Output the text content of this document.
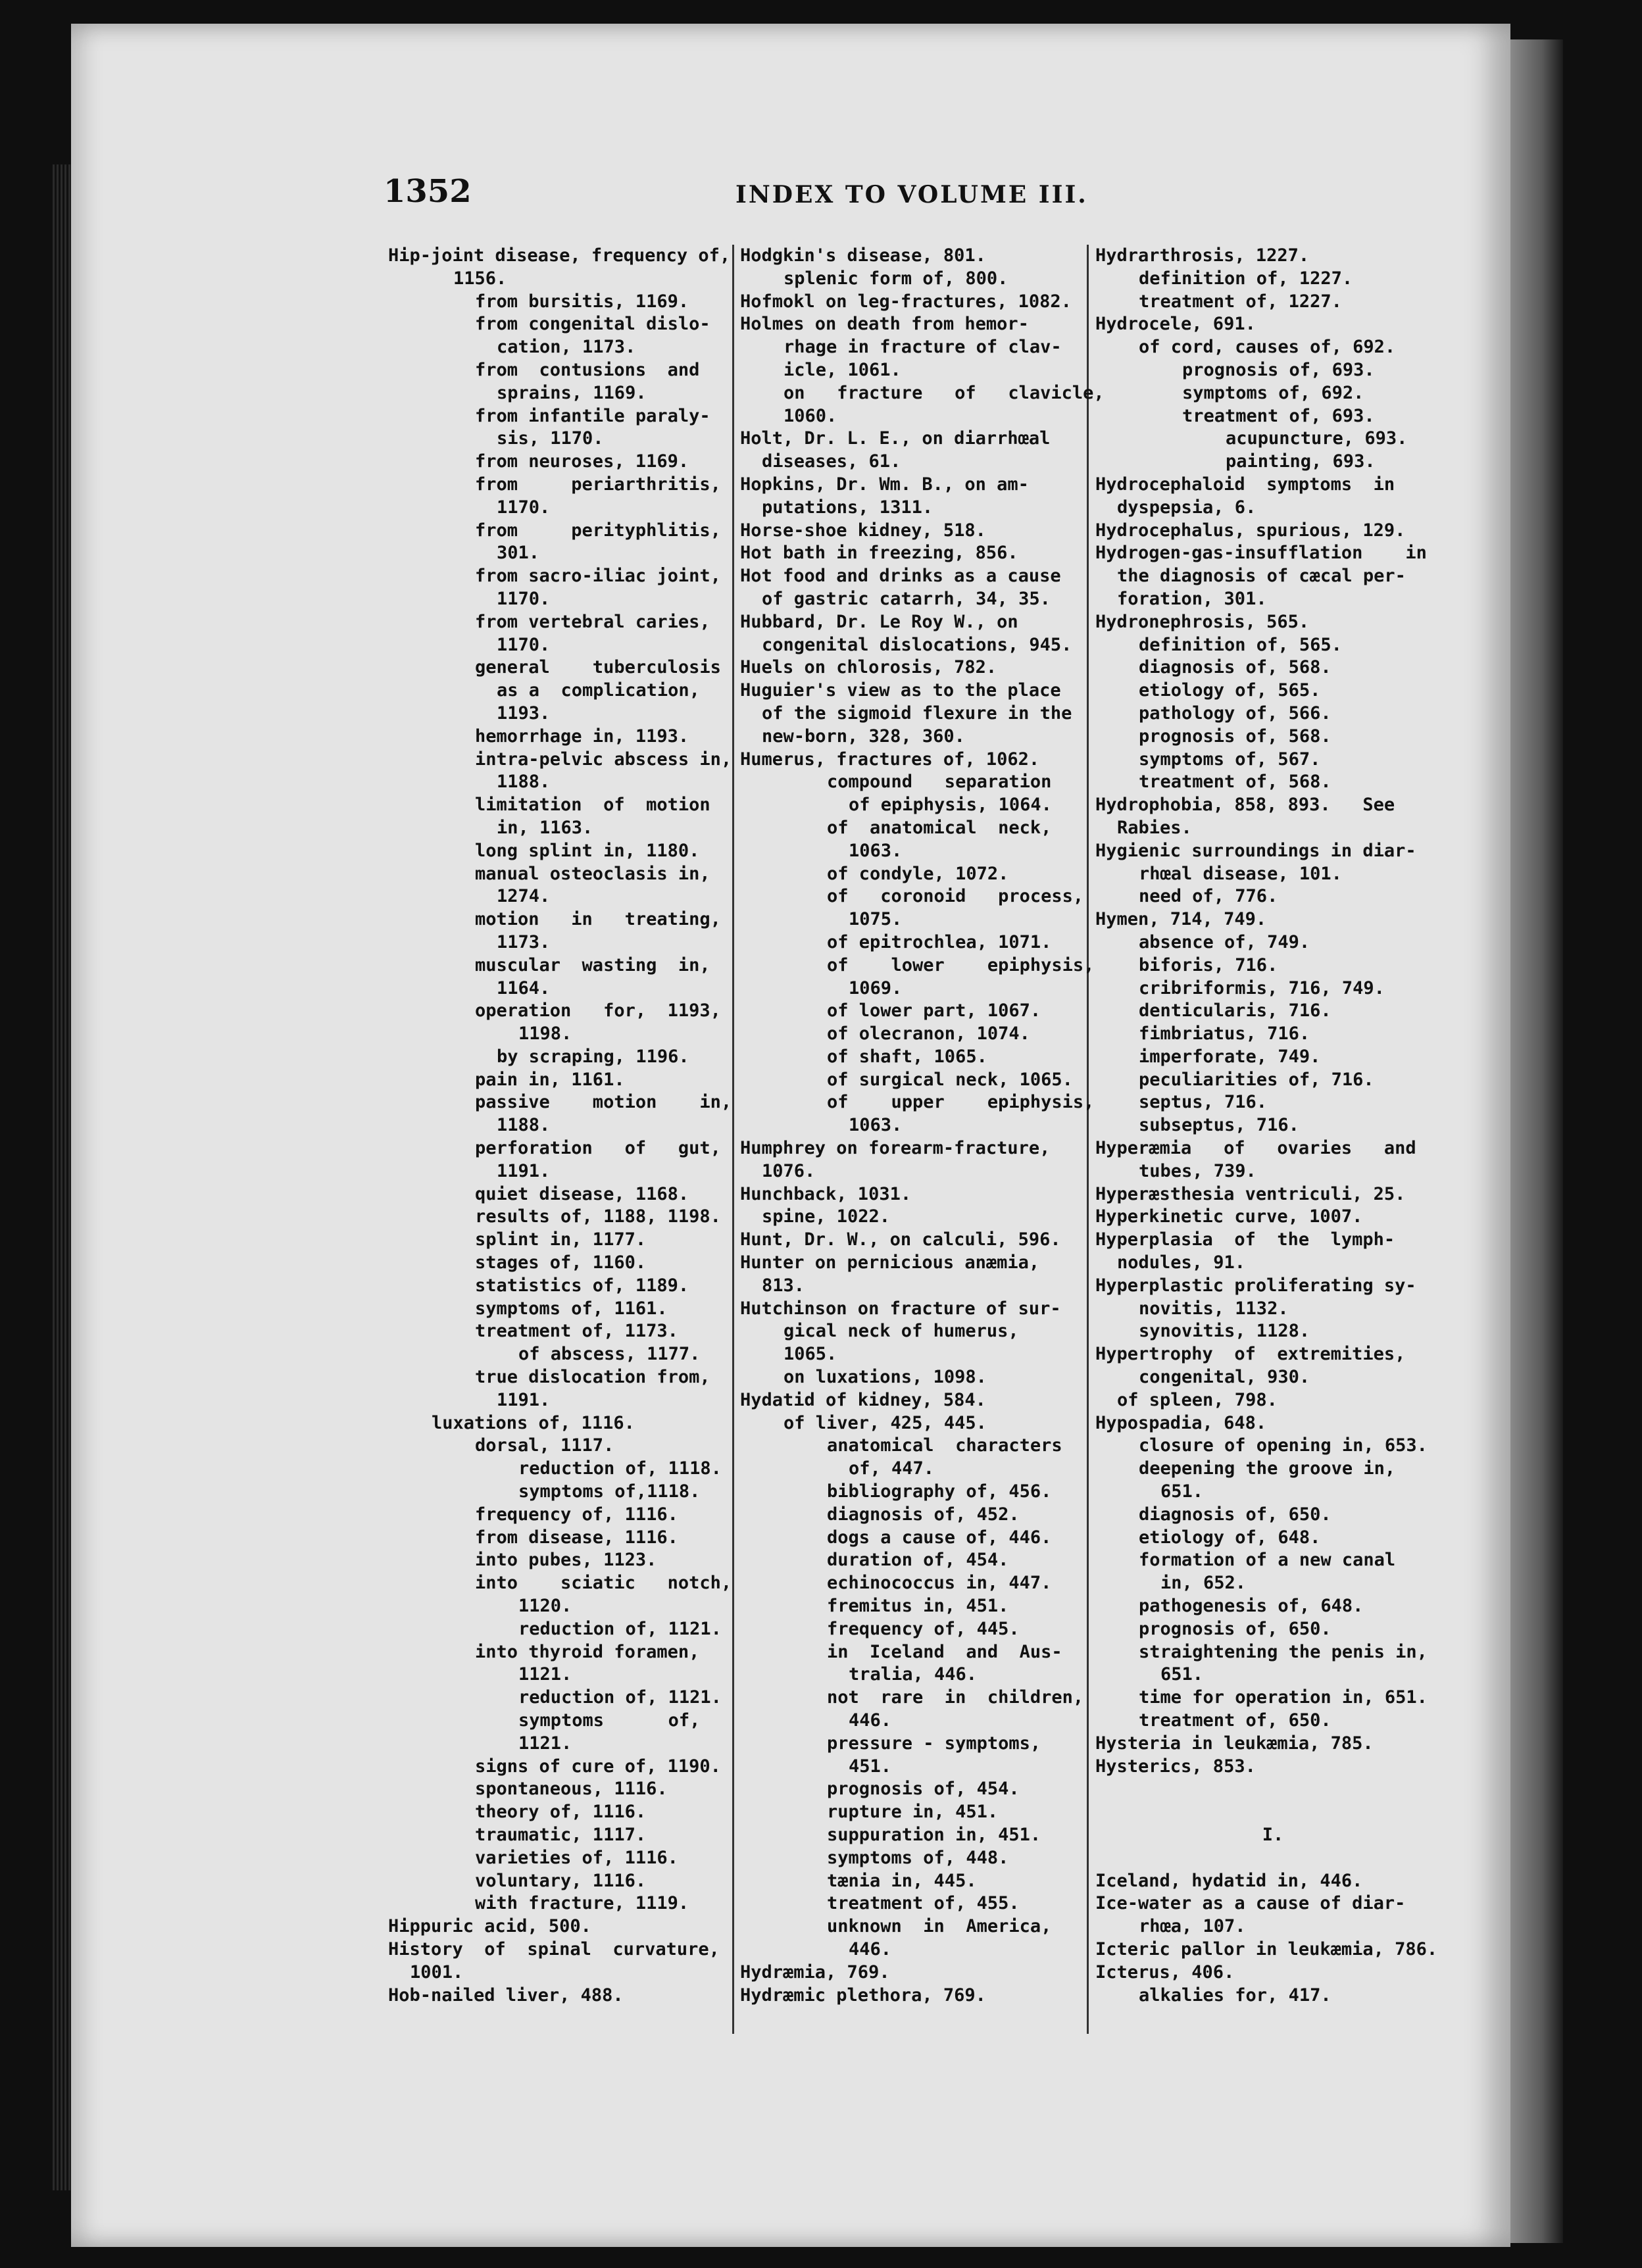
1352	INDEX TO VOLUME III.
Hip-joint disease, frequency of,
1156.
from bursitis, 1169.
from congenital dislo-
cation, 1173.
from  contusions  and
sprains, 1169.
from infantile paraly-
sis, 1170.
from neuroses, 1169.
from     periarthritis,
1170.
from     perityphlitis,
301.
from sacro-iliac joint,
1170.
from vertebral caries,
1170.
general    tuberculosis
as a  complication,
1193.
hemorrhage in, 1193.
intra-pelvic abscess in,
1188.
limitation  of  motion
in, 1163.
long splint in, 1180.
manual osteoclasis in,
1274.
motion   in   treating,
1173.
muscular  wasting  in,
1164.
operation   for,  1193,
1198.
by scraping, 1196.
pain in, 1161.
passive    motion    in,
1188.
perforation   of   gut,
1191.
quiet disease, 1168.
results of, 1188, 1198.
splint in, 1177.
stages of, 1160.
statistics of, 1189.
symptoms of, 1161.
treatment of, 1173.
of abscess, 1177.
true dislocation from,
1191.
luxations of, 1116.
dorsal, 1117.
reduction of, 1118.
symptoms of,1118.
frequency of, 1116.
from disease, 1116.
into pubes, 1123.
into    sciatic   notch,
1120.
reduction of, 1121.
into thyroid foramen,
1121.
reduction of, 1121.
symptoms      of,
1121.
signs of cure of, 1190.
spontaneous, 1116.
theory of, 1116.
traumatic, 1117.
varieties of, 1116.
voluntary, 1116.
with fracture, 1119.
Hippuric acid, 500.
History  of  spinal  curvature,
1001.
Hob-nailed liver, 488.
Hodgkin's disease, 801.
splenic form of, 800.
Hofmokl on leg-fractures, 1082.
Holmes on death from hemor-
rhage in fracture of clav-
icle, 1061.
on   fracture   of   clavicle,
1060.
Holt, Dr. L. E., on diarrhœal
diseases, 61.
Hopkins, Dr. Wm. B., on am-
putations, 1311.
Horse-shoe kidney, 518.
Hot bath in freezing, 856.
Hot food and drinks as a cause
of gastric catarrh, 34, 35.
Hubbard, Dr. Le Roy W., on
congenital dislocations, 945.
Huels on chlorosis, 782.
Huguier's view as to the place
of the sigmoid flexure in the
new-born, 328, 360.
Humerus, fractures of, 1062.
compound   separation
of epiphysis, 1064.
of  anatomical  neck,
1063.
of condyle, 1072.
of   coronoid   process,
1075.
of epitrochlea, 1071.
of    lower    epiphysis,
1069.
of lower part, 1067.
of olecranon, 1074.
of shaft, 1065.
of surgical neck, 1065.
of    upper    epiphysis,
1063.
Humphrey on forearm-fracture,
1076.
Hunchback, 1031.
spine, 1022.
Hunt, Dr. W., on calculi, 596.
Hunter on pernicious anæmia,
813.
Hutchinson on fracture of sur-
gical neck of humerus,
1065.
on luxations, 1098.
Hydatid of kidney, 584.
of liver, 425, 445.
anatomical  characters
of, 447.
bibliography of, 456.
diagnosis of, 452.
dogs a cause of, 446.
duration of, 454.
echinococcus in, 447.
fremitus in, 451.
frequency of, 445.
in  Iceland  and  Aus-
tralia, 446.
not  rare  in  children,
446.
pressure - symptoms,
451.
prognosis of, 454.
rupture in, 451.
suppuration in, 451.
symptoms of, 448.
tænia in, 445.
treatment of, 455.
unknown  in  America,
446.
Hydræmia, 769.
Hydræmic plethora, 769.
Hydrarthrosis, 1227.
definition of, 1227.
treatment of, 1227.
Hydrocele, 691.
of cord, causes of, 692.
prognosis of, 693.
symptoms of, 692.
treatment of, 693.
acupuncture, 693.
painting, 693.
Hydrocephaloid  symptoms  in
dyspepsia, 6.
Hydrocephalus, spurious, 129.
Hydrogen-gas-insufflation    in
the diagnosis of cæcal per-
foration, 301.
Hydronephrosis, 565.
definition of, 565.
diagnosis of, 568.
etiology of, 565.
pathology of, 566.
prognosis of, 568.
symptoms of, 567.
treatment of, 568.
Hydrophobia, 858, 893.   See
Rabies.
Hygienic surroundings in diar-
rhœal disease, 101.
need of, 776.
Hymen, 714, 749.
absence of, 749.
biforis, 716.
cribriformis, 716, 749.
denticularis, 716.
fimbriatus, 716.
imperforate, 749.
peculiarities of, 716.
septus, 716.
subseptus, 716.
Hyperæmia   of   ovaries   and
tubes, 739.
Hyperæsthesia ventriculi, 25.
Hyperkinetic curve, 1007.
Hyperplasia  of  the  lymph-
nodules, 91.
Hyperplastic proliferating sy-
novitis, 1132.
synovitis, 1128.
Hypertrophy  of  extremities,
congenital, 930.
of spleen, 798.
Hypospadia, 648.
closure of opening in, 653.
deepening the groove in,
651.
diagnosis of, 650.
etiology of, 648.
formation of a new canal
in, 652.
pathogenesis of, 648.
prognosis of, 650.
straightening the penis in,
651.
time for operation in, 651.
treatment of, 650.
Hysteria in leukæmia, 785.
Hysterics, 853.
I.
Iceland, hydatid in, 446.
Ice-water as a cause of diar-
rhœa, 107.
Icteric pallor in leukæmia, 786.
Icterus, 406.
alkalies for, 417.
